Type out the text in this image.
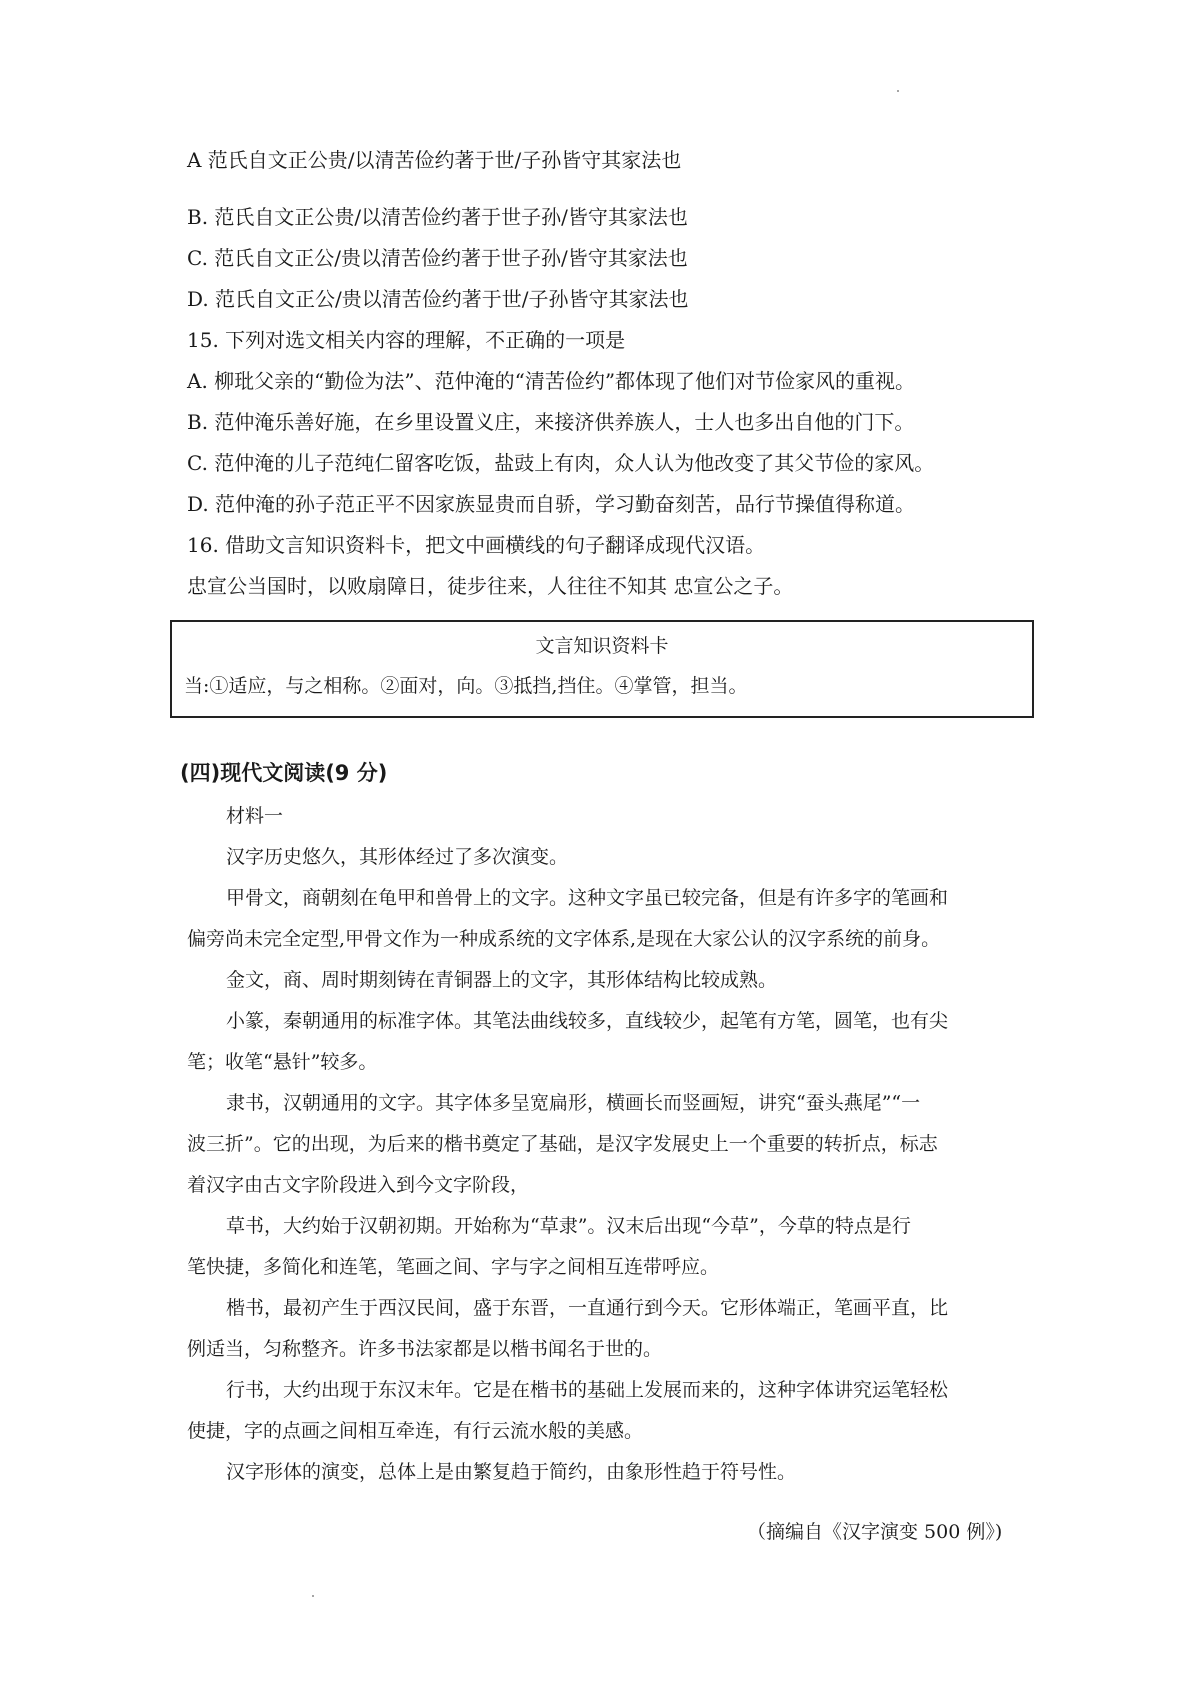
A 范氏自文正公贵/以清苦俭约著于世/子孙皆守其家法也
B. 范氏自文正公贵/以清苦俭约著于世子孙/皆守其家法也
C. 范氏自文正公/贵以清苦俭约著于世子孙/皆守其家法也
D. 范氏自文正公/贵以清苦俭约著于世/子孙皆守其家法也
15. 下列对选文相关内容的理解，不正确的一项是
A. 柳玭父亲的“勤俭为法”、范仲淹的“清苦俭约”都体现了他们对节俭家风的重视。
B. 范仲淹乐善好施，在乡里设置义庄，来接济供养族人，士人也多出自他的门下。
C. 范仲淹的儿子范纯仁留客吃饭，盐豉上有肉，众人认为他改变了其父节俭的家风。
D. 范仲淹的孙子范正平不因家族显贵而自骄，学习勤奋刻苦，品行节操值得称道。
16. 借助文言知识资料卡，把文中画横线的句子翻译成现代汉语。
忠宣公当国时，以败扇障日，徒步往来，人往往不知其 忠宣公之子。
文言知识资料卡
当:①适应，与之相称。②面对，向。③抵挡,挡住。④掌管，担当。
(四)现代文阅读(9 分)
材料一
汉字历史悠久，其形体经过了多次演变。
甲骨文，商朝刻在龟甲和兽骨上的文字。这种文字虽已较完备，但是有许多字的笔画和
偏旁尚未完全定型,甲骨文作为一种成系统的文字体系,是现在大家公认的汉字系统的前身。
金文，商、周时期刻铸在青铜器上的文字，其形体结构比较成熟。
小篆，秦朝通用的标准字体。其笔法曲线较多，直线较少，起笔有方笔，圆笔，也有尖
笔；收笔“悬针”较多。
隶书，汉朝通用的文字。其字体多呈宽扁形，横画长而竖画短，讲究“蚕头燕尾”“一
波三折”。它的出现，为后来的楷书奠定了基础，是汉字发展史上一个重要的转折点，标志
着汉字由古文字阶段进入到今文字阶段，
草书，大约始于汉朝初期。开始称为“草隶”。汉末后出现“今草”，今草的特点是行
笔快捷，多简化和连笔，笔画之间、字与字之间相互连带呼应。
楷书，最初产生于西汉民间，盛于东晋，一直通行到今天。它形体端正，笔画平直，比
例适当，匀称整齐。许多书法家都是以楷书闻名于世的。
行书，大约出现于东汉末年。它是在楷书的基础上发展而来的，这种字体讲究运笔轻松
使捷，字的点画之间相互牵连，有行云流水般的美感。
汉字形体的演变，总体上是由繁复趋于简约，由象形性趋于符号性。
（摘编自《汉字演变 500 例》)
